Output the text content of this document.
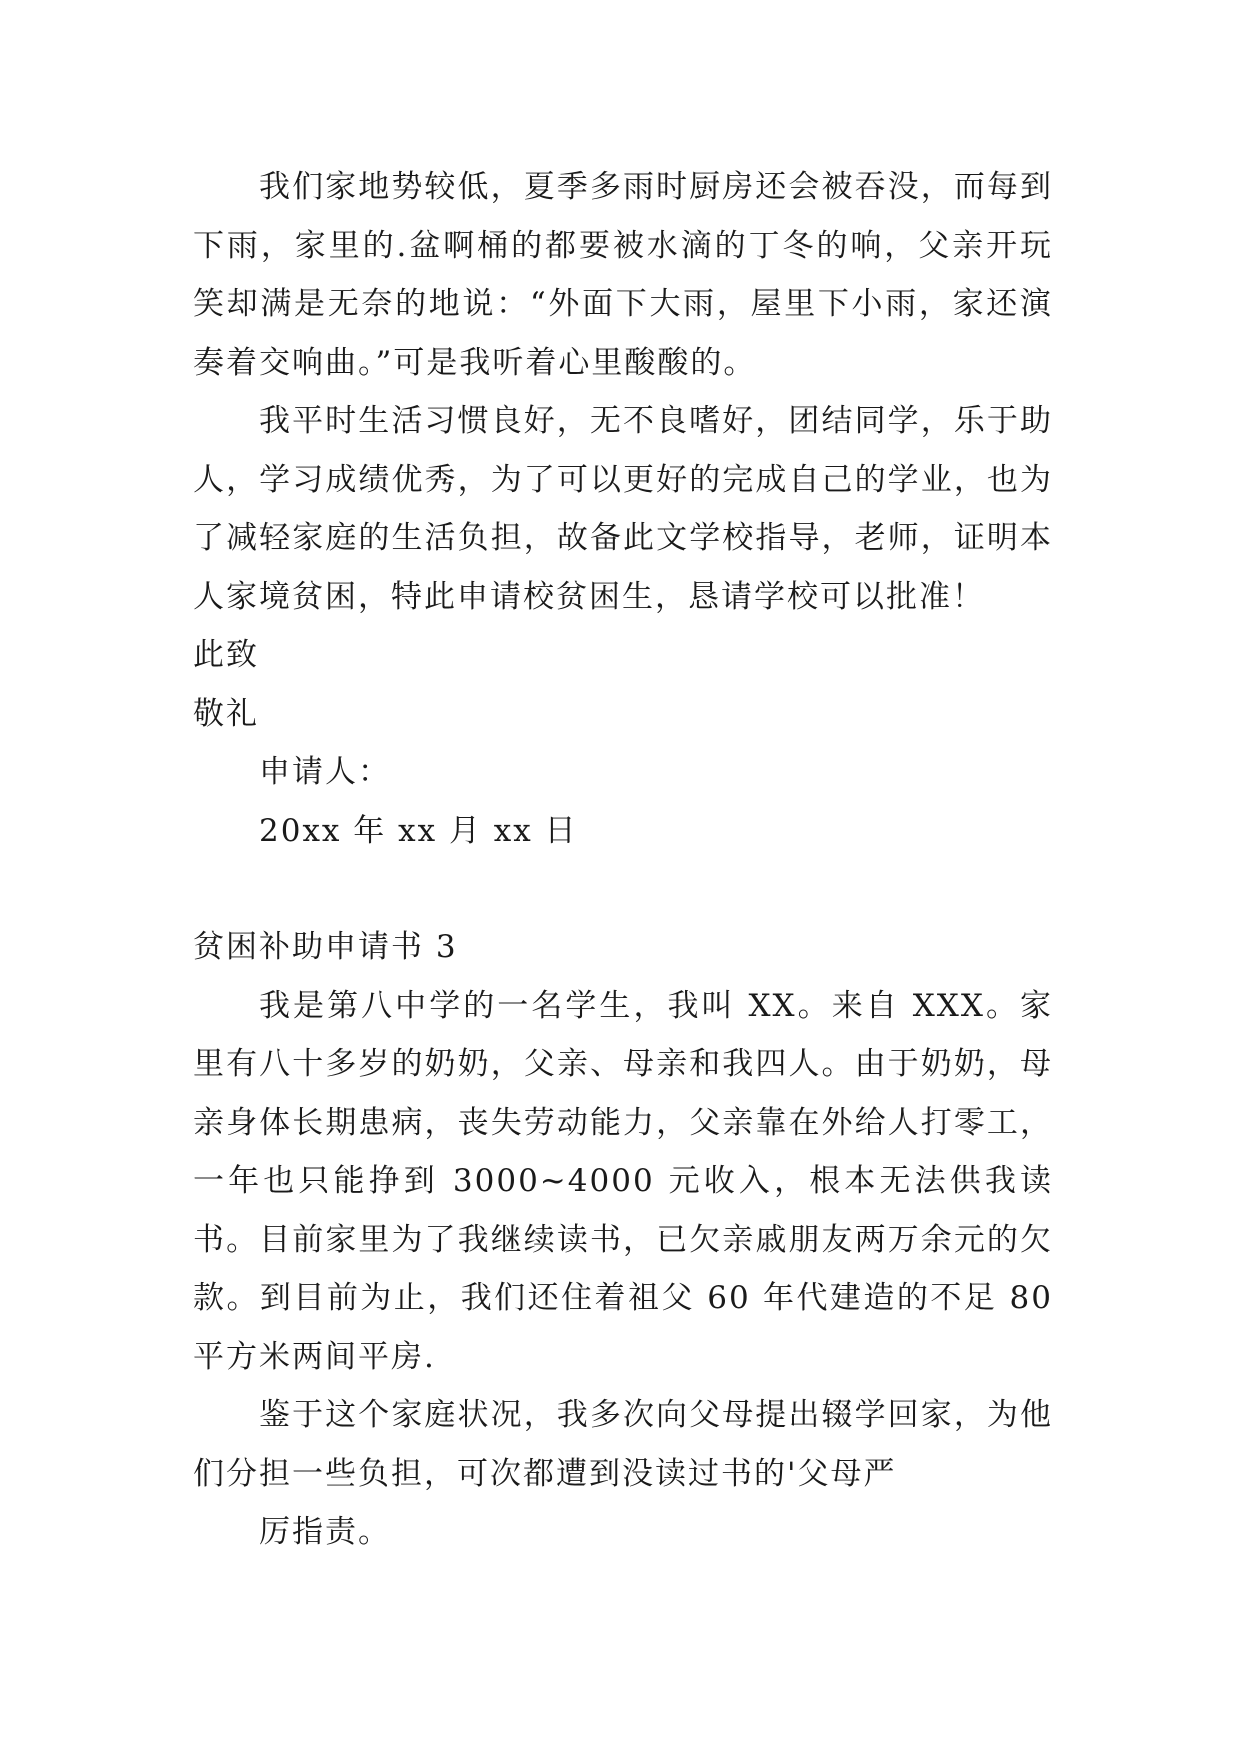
我们家地势较低，夏季多雨时厨房还会被吞没，而每到下雨，家里的.盆啊桶的都要被水滴的丁冬的响，父亲开玩笑却满是无奈的地说：“外面下大雨，屋里下小雨，家还演奏着交响曲。”可是我听着心里酸酸的。

我平时生活习惯良好，无不良嗜好，团结同学，乐于助人，学习成绩优秀，为了可以更好的完成自己的学业，也为了减轻家庭的生活负担，故备此文学校指导，老师，证明本人家境贫困，特此申请校贫困生，恳请学校可以批准！

此致

敬礼

申请人：

20xx 年 xx 月 xx 日

贫困补助申请书 3

我是第八中学的一名学生，我叫 XX。来自 XXX。家里有八十多岁的奶奶，父亲、母亲和我四人。由于奶奶，母亲身体长期患病，丧失劳动能力，父亲靠在外给人打零工，一年也只能挣到 3000~4000 元收入，根本无法供我读书。目前家里为了我继续读书，已欠亲戚朋友两万余元的欠款。到目前为止，我们还住着祖父 60 年代建造的不足 80 平方米两间平房.

鉴于这个家庭状况，我多次向父母提出辍学回家，为他们分担一些负担，可次都遭到没读过书的'父母严

厉指责。
